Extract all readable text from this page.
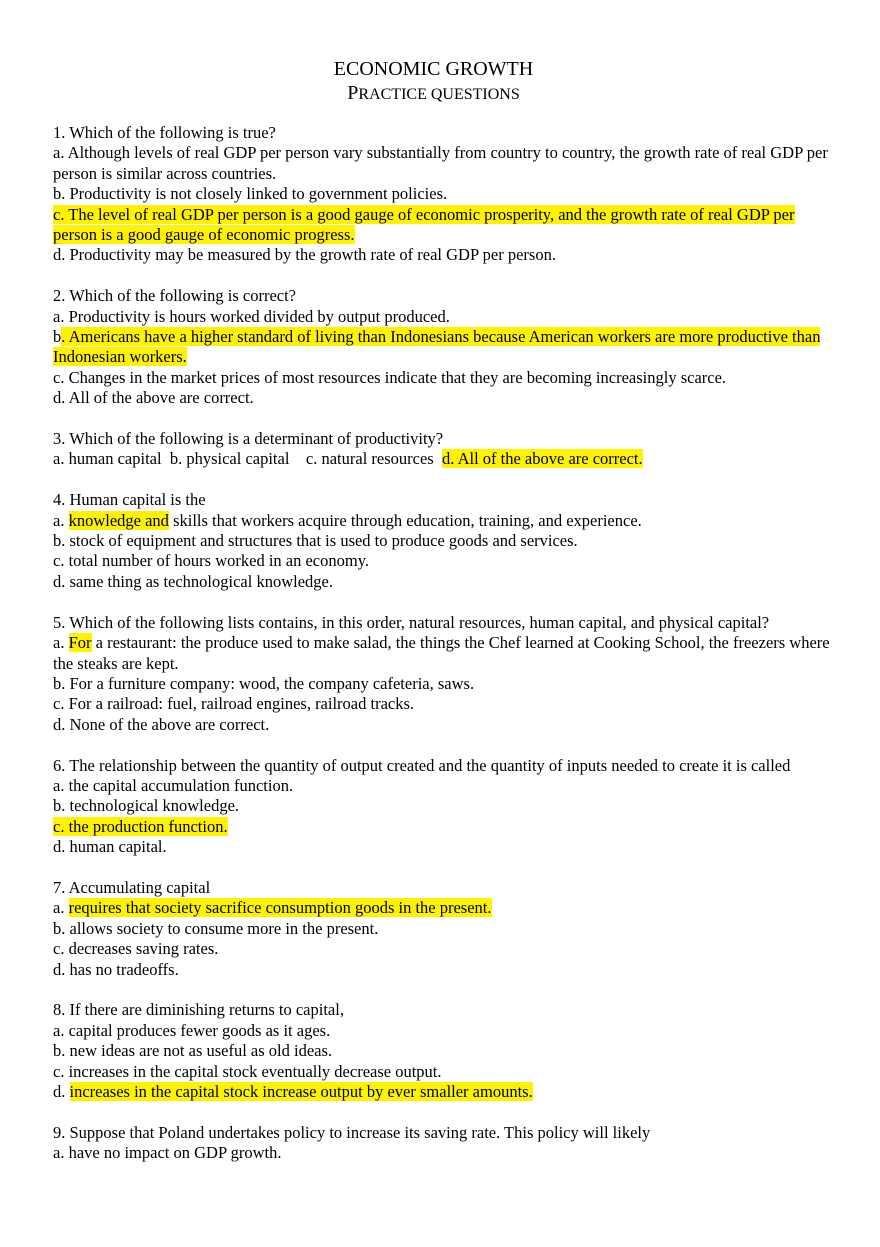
ECONOMIC GROWTH
PRACTICE QUESTIONS

1. Which of the following is true?

a. Although levels of real GDP per person vary substantially from country to country, the growth rate of real GDP per person is similar across countries.

b. Productivity is not closely linked to government policies.

c. The level of real GDP per person is a good gauge of economic prosperity, and the growth rate of real GDP per person is a good gauge of economic progress.

d. Productivity may be measured by the growth rate of real GDP per person.

2. Which of the following is correct?

a. Productivity is hours worked divided by output produced.

b. Americans have a higher standard of living than Indonesians because American workers are more productive than Indonesian workers.

c. Changes in the market prices of most resources indicate that they are becoming increasingly scarce.

d. All of the above are correct.

3. Which of the following is a determinant of productivity?

a. human capital  b. physical capital    c. natural resources  d. All of the above are correct.

4. Human capital is the

a. knowledge and skills that workers acquire through education, training, and experience.

b. stock of equipment and structures that is used to produce goods and services.

c. total number of hours worked in an economy.

d. same thing as technological knowledge.

5. Which of the following lists contains, in this order, natural resources, human capital, and physical capital?

a. For a restaurant: the produce used to make salad, the things the Chef learned at Cooking School, the freezers where the steaks are kept.

b. For a furniture company: wood, the company cafeteria, saws.

c. For a railroad: fuel, railroad engines, railroad tracks.

d. None of the above are correct.

6. The relationship between the quantity of output created and the quantity of inputs needed to create it is called

a. the capital accumulation function.

b. technological knowledge.

c. the production function.

d. human capital.

7. Accumulating capital

a. requires that society sacrifice consumption goods in the present.

b. allows society to consume more in the present.

c. decreases saving rates.

d. has no tradeoffs.

8. If there are diminishing returns to capital,

a. capital produces fewer goods as it ages.

b. new ideas are not as useful as old ideas.

c. increases in the capital stock eventually decrease output.

d. increases in the capital stock increase output by ever smaller amounts.

9. Suppose that Poland undertakes policy to increase its saving rate. This policy will likely

a. have no impact on GDP growth.
